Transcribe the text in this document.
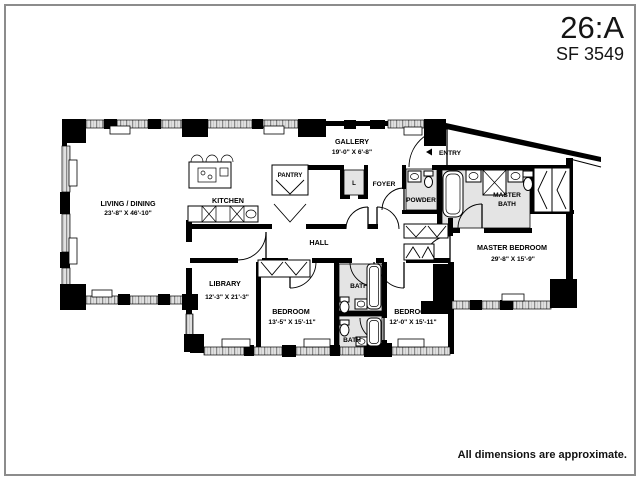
26:A
SF 3549
LIVING / DINING
23'-8" X 46'-10"
KITCHEN
PANTRY
GALLERY
19'-0" X 6'-8"	ENTRY
FOYER
POWDER
L
MASTER
BATH
MASTER BEDROOM
29'-8" X 15'-9"
HALL
LIBRARY
12'-3" X 21'-3"
BEDROOM
13'-5" X 15'-11"
BATH
BATH
BEDROOM
12'-0" X 15'-11"
All dimensions are approximate.
